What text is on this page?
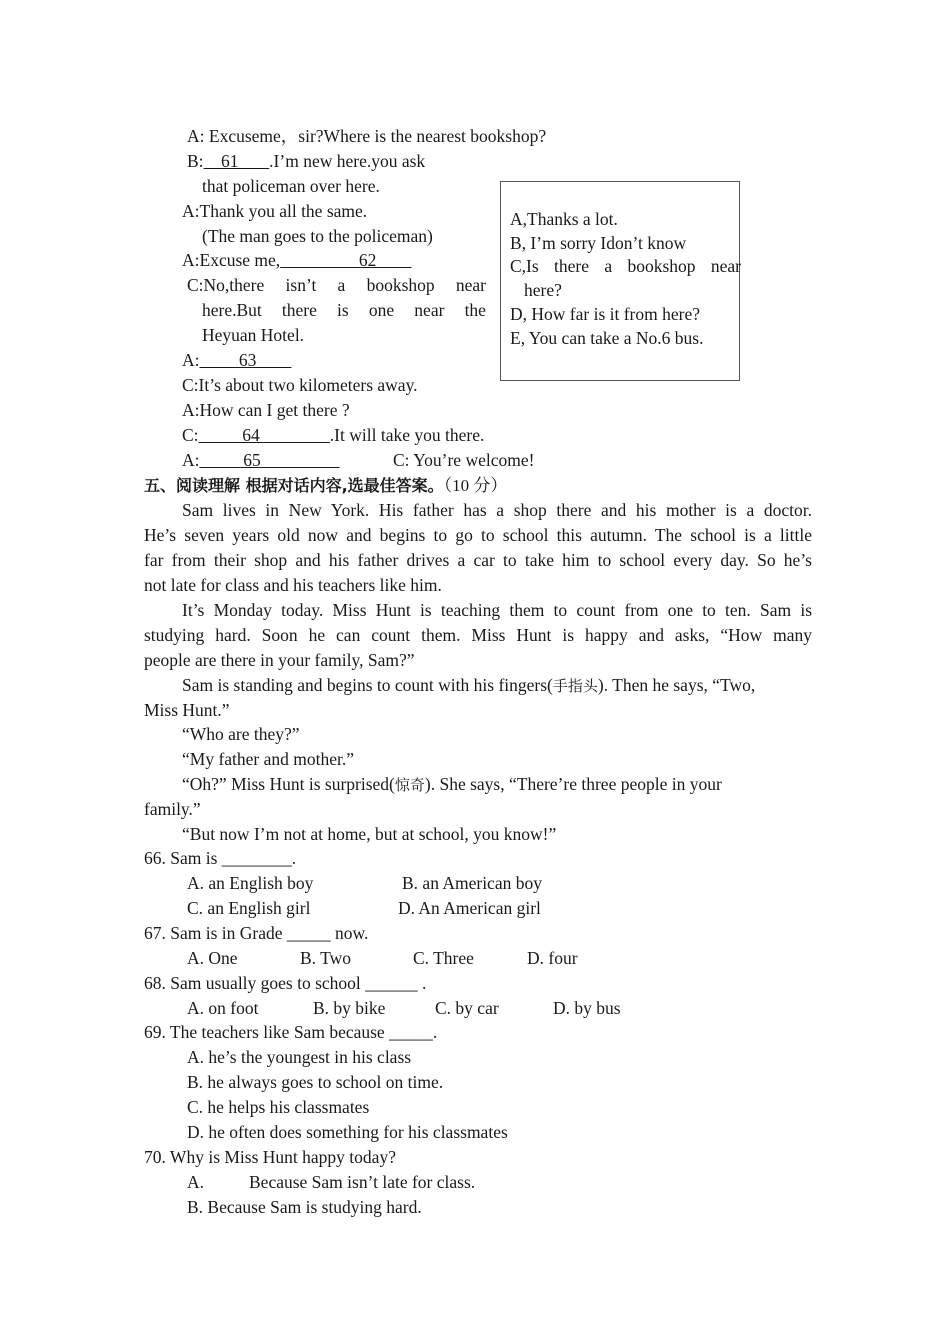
A: Excuseme，sir?Where is the nearest bookshop?
B:    61       .I’m new here.you ask
that policeman over here.
A:Thank you all the same.
(The man goes to the policeman)
A:Excuse me,                  62
C:No,there isn’t a bookshop near
here.But there is one near the
Heyuan Hotel.
A:         63
C:It’s about two kilometers away.
A:How can I get there ?
C:          64                .It will take you there.
A:          65	C: You’re welcome!
A,Thanks a lot.
B, I’m sorry Idon’t know
C,Is there a bookshop near
here?
D, How far is it from here?
E, You can take a No.6 bus.
五、阅读理解 根据对话内容,选最佳答案。（10 分）
Sam lives in New York. His father has a shop there and his mother is a doctor.
He’s seven years old now and begins to go to school this autumn. The school is a little
far from their shop and his father drives a car to take him to school every day. So he’s
not late for class and his teachers like him.
It’s Monday today. Miss Hunt is teaching them to count from one to ten. Sam is
studying hard. Soon he can count them. Miss Hunt is happy and asks, “How many
people are there in your family, Sam?”
Sam is standing and begins to count with his fingers(手指头). Then he says, “Two,
Miss Hunt.”
“Who are they?”
“My father and mother.”
“Oh?” Miss Hunt is surprised(惊奇). She says, “There’re three people in your
family.”
“But now I’m not at home, but at school, you know!”
66. Sam is ________.
A. an English boy	B. an American boy
C. an English girl	D. An American girl
67. Sam is in Grade _____ now.
A. One	B. Two	C. Three	D. four
68. Sam usually goes to school ______ .
A. on foot	B. by bike	C. by car	D. by bus
69. The teachers like Sam because _____.
A. he’s the youngest in his class
B. he always goes to school on time.
C. he helps his classmates
D. he often does something for his classmates
70. Why is Miss Hunt happy today?
A.	Because Sam isn’t late for class.
B. Because Sam is studying hard.
